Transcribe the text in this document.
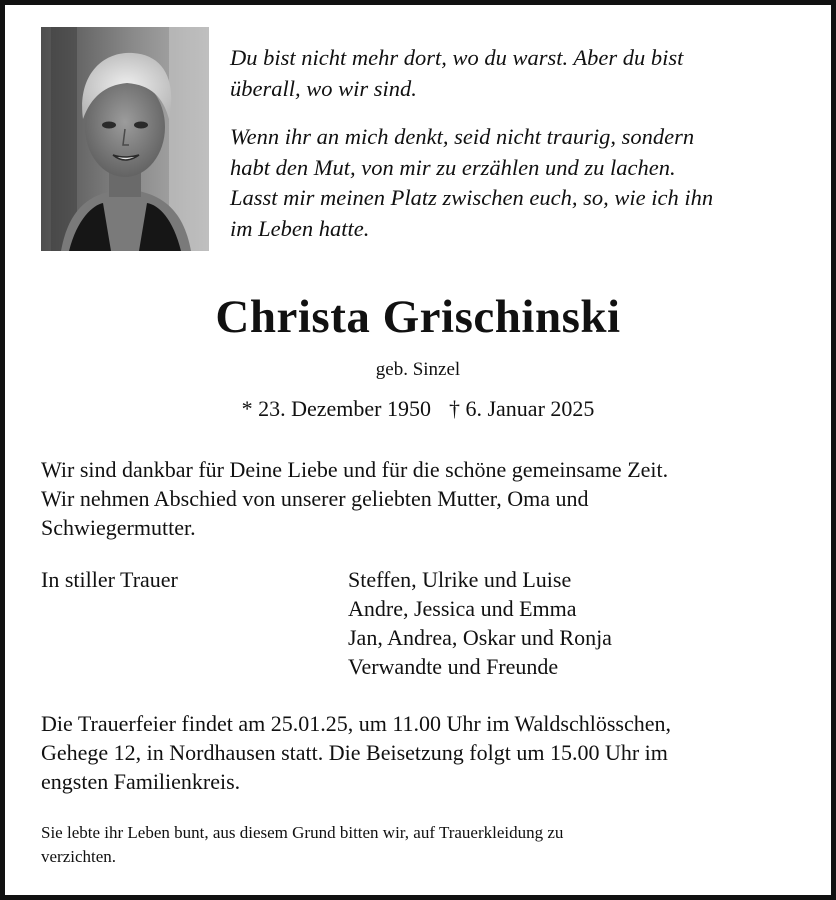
Du bist nicht mehr dort, wo du warst. Aber du bist
überall, wo wir sind.

Wenn ihr an mich denkt, seid nicht traurig, sondern
habt den Mut, von mir zu erzählen und zu lachen.
Lasst mir meinen Platz zwischen euch, so, wie ich ihn
im Leben hatte.

Christa Grischinski
geb. Sinzel
* 23. Dezember 1950 † 6. Januar 2025
Wir sind dankbar für Deine Liebe und für die schöne gemeinsame Zeit.
Wir nehmen Abschied von unserer geliebten Mutter, Oma und
Schwiegermutter.
In stiller Trauer	Steffen, Ulrike und Luise
Andre, Jessica und Emma
Jan, Andrea, Oskar und Ronja
Verwandte und Freunde
Die Trauerfeier findet am 25.01.25, um 11.00 Uhr im Waldschlösschen,
Gehege 12, in Nordhausen statt. Die Beisetzung folgt um 15.00 Uhr im
engsten Familienkreis.
Sie lebte ihr Leben bunt, aus diesem Grund bitten wir, auf Trauerkleidung zu
verzichten.
